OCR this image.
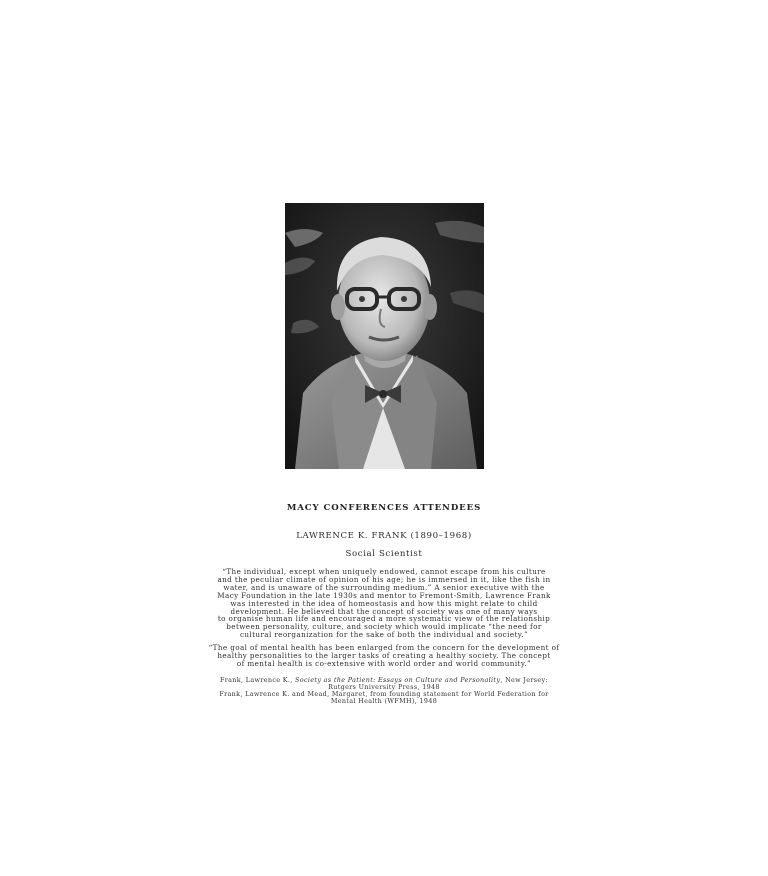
MACY CONFERENCES ATTENDEES
LAWRENCE K. FRANK (1890–1968)
Social Scientist
“The individual, except when uniquely endowed, cannot escape from his culture
and the peculiar climate of opinion of his age; he is immersed in it, like the fish in
water, and is unaware of the surrounding medium.” A senior executive with the
Macy Foundation in the late 1930s and mentor to Fremont-Smith, Lawrence Frank
was interested in the idea of homeostasis and how this might relate to child
development. He believed that the concept of society was one of many ways
to organise human life and encouraged a more systematic view of the relationship
between personality, culture, and society which would implicate “the need for
cultural reorganization for the sake of both the individual and society.”
“The goal of mental health has been enlarged from the concern for the development of
healthy personalities to the larger tasks of creating a healthy society. The concept
of mental health is co-extensive with world order and world community.”
Frank, Lawrence K., Society as the Patient: Essays on Culture and Personality, New Jersey:
Rutgers University Press, 1948
Frank, Lawrence K. and Mead, Margaret, from founding statement for World Federation for
Mental Health (WFMH), 1948
